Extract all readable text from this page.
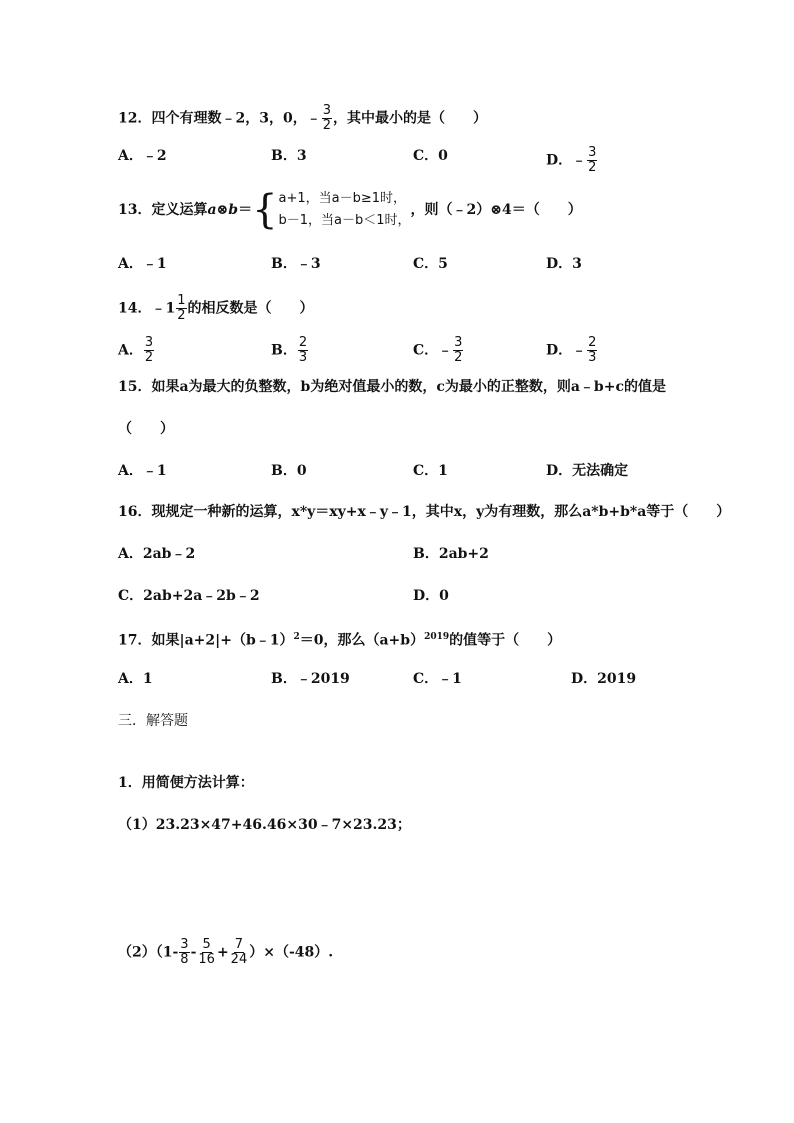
12．四个有理数﹣2，3，0，﹣ $\frac{3}{2}$ ，其中最小的是（　　）
A．﹣2	B．3	C．0	D．﹣ $\frac{3}{2}$
13．定义运算a⊗b＝ { a+1，当a－b≥1时，
b－1，当a－b＜1时，
，则（﹣2）⊗4＝（　　）
A．﹣1	B．﹣3	C．5	D．3
14．﹣1 $\frac{1}{2}$ 的相反数是（　　）
A． $\frac{3}{2}$	B． $\frac{2}{3}$	C．﹣ $\frac{3}{2}$	D．﹣ $\frac{2}{3}$
15．如果a为最大的负整数，b为绝对值最小的数，c为最小的正整数，则a﹣b+c的值是
（　　）
A．﹣1	B．0	C．1	D．无法确定
16．现规定一种新的运算，x*y＝xy+x﹣y﹣1，其中x，y为有理数，那么a*b+b*a等于（　　）
A．2ab﹣2	B．2ab+2
C．2ab+2a﹣2b﹣2	D．0
17．如果|a+2|+（b﹣1）$^2$＝0，那么$(a+b)^{2019}$的值等于（　　）
A．1	B．﹣2019	C．﹣1	D．2019
三．解答题
1．用简便方法计算：
（1）23.23×47+46.46×30﹣7×23.23；
$(2)(1- \frac{3}{8} - \frac{5}{16} + \frac{7}{24} )\times(-48)$.
